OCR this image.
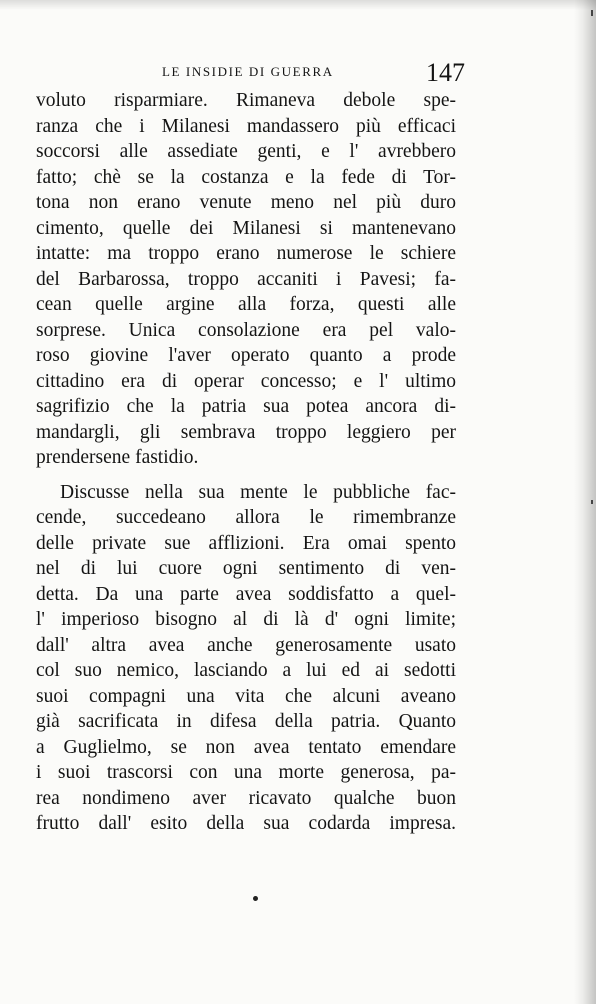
LE INSIDIE DI GUERRA	147
voluto risparmiare. Rimaneva debole spe-
ranza che i Milanesi mandassero più efficaci
soccorsi alle assediate genti, e l' avrebbero
fatto; chè se la costanza e la fede di Tor-
tona non erano venute meno nel più duro
cimento, quelle dei Milanesi si mantenevano
intatte: ma troppo erano numerose le schiere
del Barbarossa, troppo accaniti i Pavesi; fa-
cean quelle argine alla forza, questi alle
sorprese. Unica consolazione era pel valo-
roso giovine l'aver operato quanto a prode
cittadino era di operar concesso; e l' ultimo
sagrifizio che la patria sua potea ancora di-
mandargli, gli sembrava troppo leggiero per
prendersene fastidio.
Discusse nella sua mente le pubbliche fac-
cende, succedeano allora le rimembranze
delle private sue afflizioni. Era omai spento
nel di lui cuore ogni sentimento di ven-
detta. Da una parte avea soddisfatto a quel-
l' imperioso bisogno al di là d' ogni limite;
dall' altra avea anche generosamente usato
col suo nemico, lasciando a lui ed ai sedotti
suoi compagni una vita che alcuni aveano
già sacrificata in difesa della patria. Quanto
a Guglielmo, se non avea tentato emendare
i suoi trascorsi con una morte generosa, pa-
rea nondimeno aver ricavato qualche buon
frutto dall' esito della sua codarda impresa.
